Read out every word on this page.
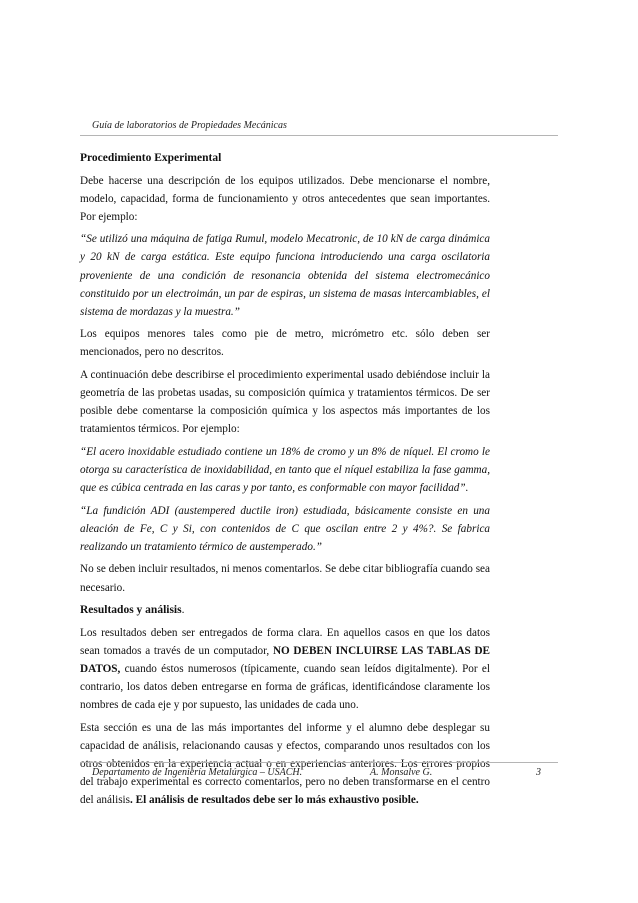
Guía de laboratorios de Propiedades Mecánicas
Procedimiento Experimental

Debe hacerse una descripción de los equipos utilizados. Debe mencionarse el nombre, modelo, capacidad, forma de funcionamiento y otros antecedentes que sean importantes. Por ejemplo:

“Se utilizó una máquina de fatiga Rumul, modelo Mecatronic, de 10 kN de carga dinámica y 20 kN de carga estática. Este equipo funciona introduciendo una carga oscilatoria proveniente de una condición de resonancia obtenida del sistema electromecánico constituido por un electroimán, un par de espiras, un sistema de masas intercambiables, el sistema de mordazas y la muestra.”

Los equipos menores tales como pie de metro, micrómetro etc. sólo deben ser mencionados, pero no descritos.

A continuación debe describirse el procedimiento experimental usado debiéndose incluir la geometría de las probetas usadas, su composición química y tratamientos térmicos. De ser posible debe comentarse la composición química y los aspectos más importantes de los tratamientos térmicos. Por ejemplo:

“El acero inoxidable estudiado contiene un 18% de cromo y un 8% de níquel. El cromo le otorga su característica de inoxidabilidad, en tanto que el níquel estabiliza la fase gamma, que es cúbica centrada en las caras y por tanto, es conformable con mayor facilidad”.

“La fundición ADI (austempered ductile iron) estudiada, básicamente consiste en una aleación de Fe, C y Si, con contenidos de C que oscilan entre 2 y 4%?. Se fabrica realizando un tratamiento térmico de austemperado.”

No se deben incluir resultados, ni menos comentarlos. Se debe citar bibliografía cuando sea necesario.

Resultados y análisis.

Los resultados deben ser entregados de forma clara. En aquellos casos en que los datos sean tomados a través de un computador, NO DEBEN INCLUIRSE LAS TABLAS DE DATOS, cuando éstos numerosos (típicamente, cuando sean leídos digitalmente). Por el contrario, los datos deben entregarse en forma de gráficas, identificándose claramente los nombres de cada eje y por supuesto, las unidades de cada uno.

Esta sección es una de las más importantes del informe y el alumno debe desplegar su capacidad de análisis, relacionando causas y efectos, comparando unos resultados con los otros obtenidos en la experiencia actual o en experiencias anteriores. Los errores propios del trabajo experimental es correcto comentarlos, pero no deben transformarse en el centro del análisis. El análisis de resultados debe ser lo más exhaustivo posible.

Departamento de Ingeniería Metalúrgica – USACH.	A. Monsalve G.	3
